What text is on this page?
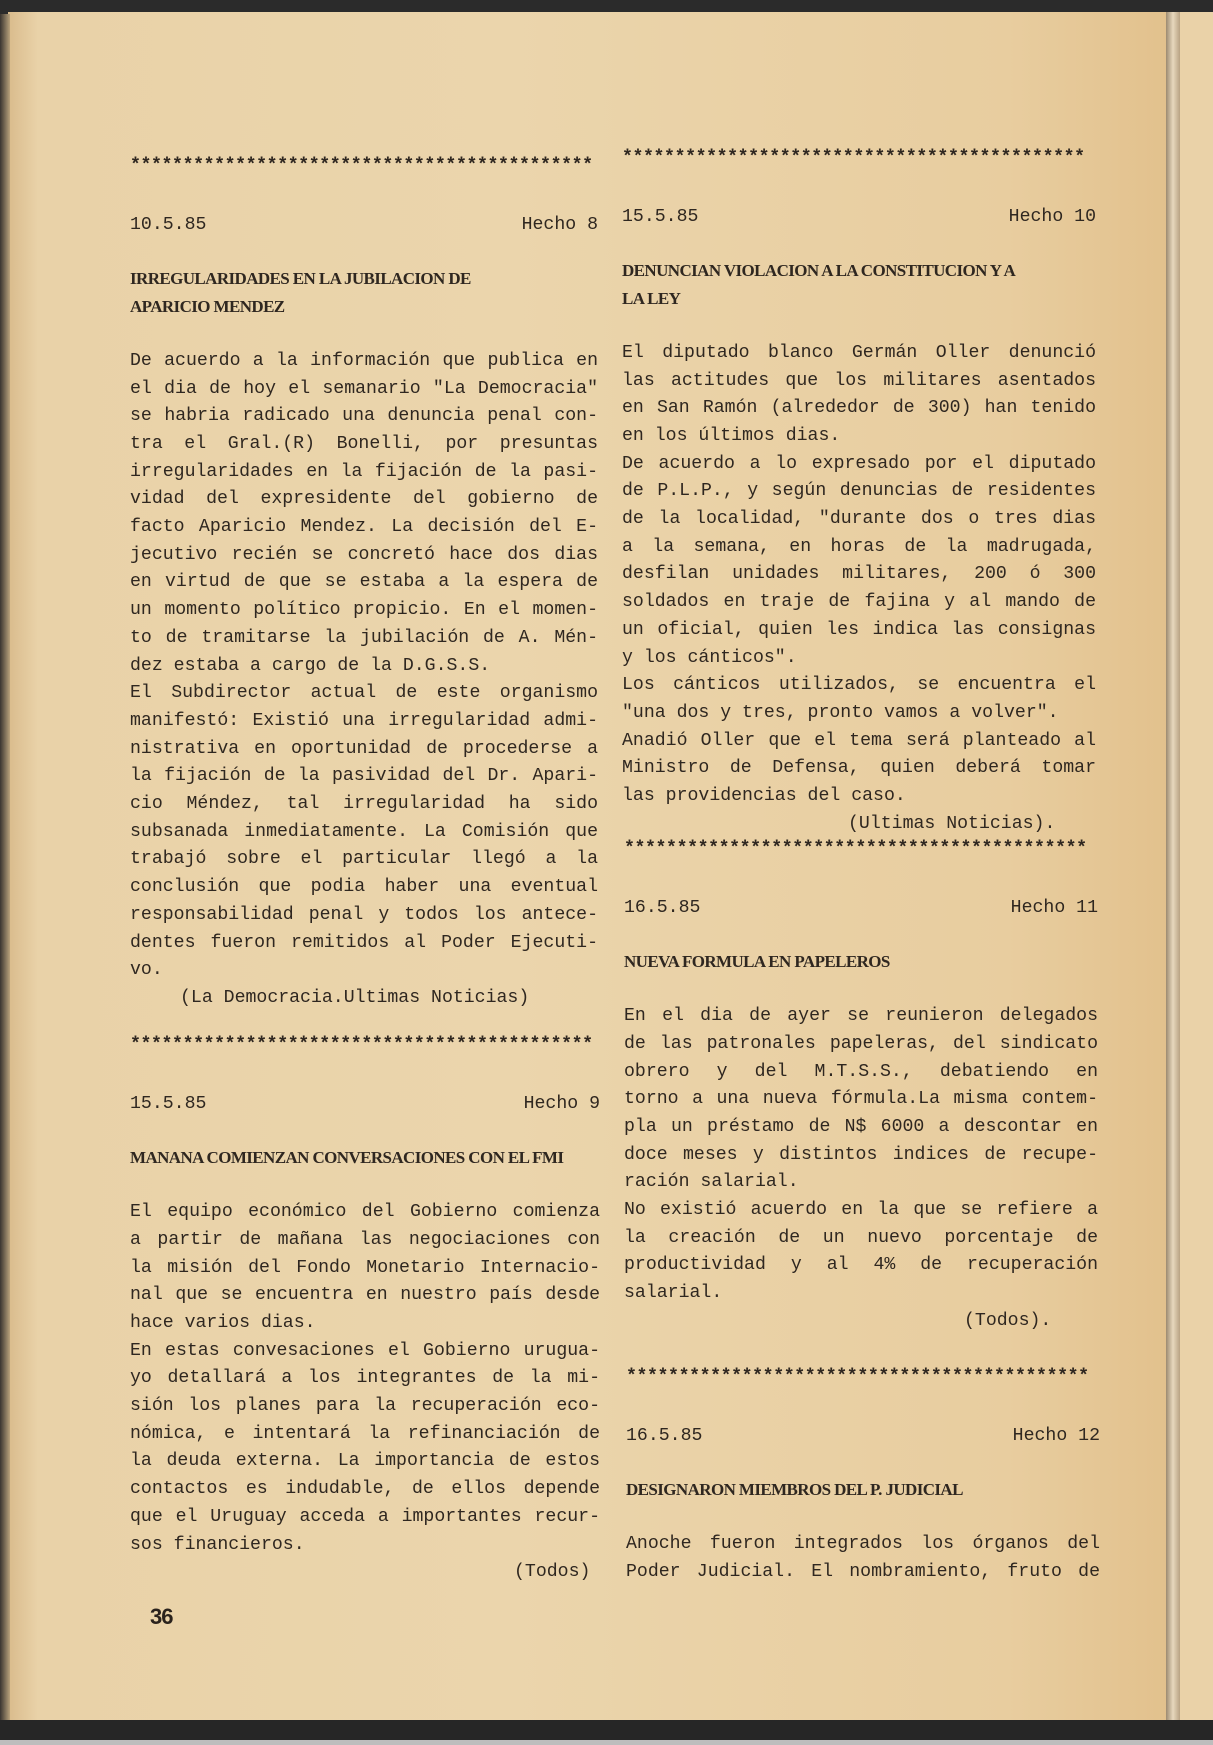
********************************************
10.5.85	Hecho 8
IRREGULARIDADES EN LA JUBILACION DE
APARICIO MENDEZ
De acuerdo a la información que publica en
el dia de hoy el semanario "La Democracia"
se habria radicado una denuncia penal con-
tra el Gral.(R) Bonelli, por presuntas
irregularidades en la fijación de la pasi-
vidad del expresidente del gobierno de
facto Aparicio Mendez. La decisión del E-
jecutivo recién se concretó hace dos dias
en virtud de que se estaba a la espera de
un momento político propicio. En el momen-
to de tramitarse la jubilación de A. Mén-
dez estaba a cargo de la D.G.S.S.
El Subdirector actual de este organismo
manifestó: Existió una irregularidad admi-
nistrativa en oportunidad de procederse a
la fijación de la pasividad del Dr. Apari-
cio Méndez, tal irregularidad ha sido
subsanada inmediatamente. La Comisión que
trabajó sobre el particular llegó a la
conclusión que podia haber una eventual
responsabilidad penal y todos los antece-
dentes fueron remitidos al Poder Ejecuti-
vo.
(La Democracia.Ultimas Noticias)
********************************************
15.5.85	Hecho 9
MANANA COMIENZAN CONVERSACIONES CON EL FMI
El equipo económico del Gobierno comienza
a partir de mañana las negociaciones con
la misión del Fondo Monetario Internacio-
nal que se encuentra en nuestro país desde
hace varios dias.
En estas convesaciones el Gobierno urugua-
yo detallará a los integrantes de la mi-
sión los planes para la recuperación eco-
nómica, e intentará la refinanciación de
la deuda externa. La importancia de estos
contactos es indudable, de ellos depende
que el Uruguay acceda a importantes recur-
sos financieros.
(Todos)
********************************************
15.5.85	Hecho 10
DENUNCIAN VIOLACION A LA CONSTITUCION Y A
LA LEY
El diputado blanco Germán Oller denunció
las actitudes que los militares asentados
en San Ramón (alrededor de 300) han tenido
en los últimos dias.
De acuerdo a lo expresado por el diputado
de P.L.P., y según denuncias de residentes
de la localidad, "durante dos o tres dias
a la semana, en horas de la madrugada,
desfilan unidades militares, 200 ó 300
soldados en traje de fajina y al mando de
un oficial, quien les indica las consignas
y los cánticos".
Los cánticos utilizados, se encuentra el
"una dos y tres, pronto vamos a volver".
Anadió Oller que el tema será planteado al
Ministro de Defensa, quien deberá tomar
las providencias del caso.
(Ultimas Noticias).
********************************************
16.5.85	Hecho 11
NUEVA FORMULA EN PAPELEROS
En el dia de ayer se reunieron delegados
de las patronales papeleras, del sindicato
obrero y del M.T.S.S., debatiendo en
torno a una nueva fórmula.La misma contem-
pla un préstamo de N$ 6000 a descontar en
doce meses y distintos indices de recupe-
ración salarial.
No existió acuerdo en la que se refiere a
la creación de un nuevo porcentaje de
productividad y al 4% de recuperación
salarial.
(Todos).
********************************************
16.5.85	Hecho 12
DESIGNARON MIEMBROS DEL P. JUDICIAL
Anoche fueron integrados los órganos del
Poder Judicial. El nombramiento, fruto de
36
